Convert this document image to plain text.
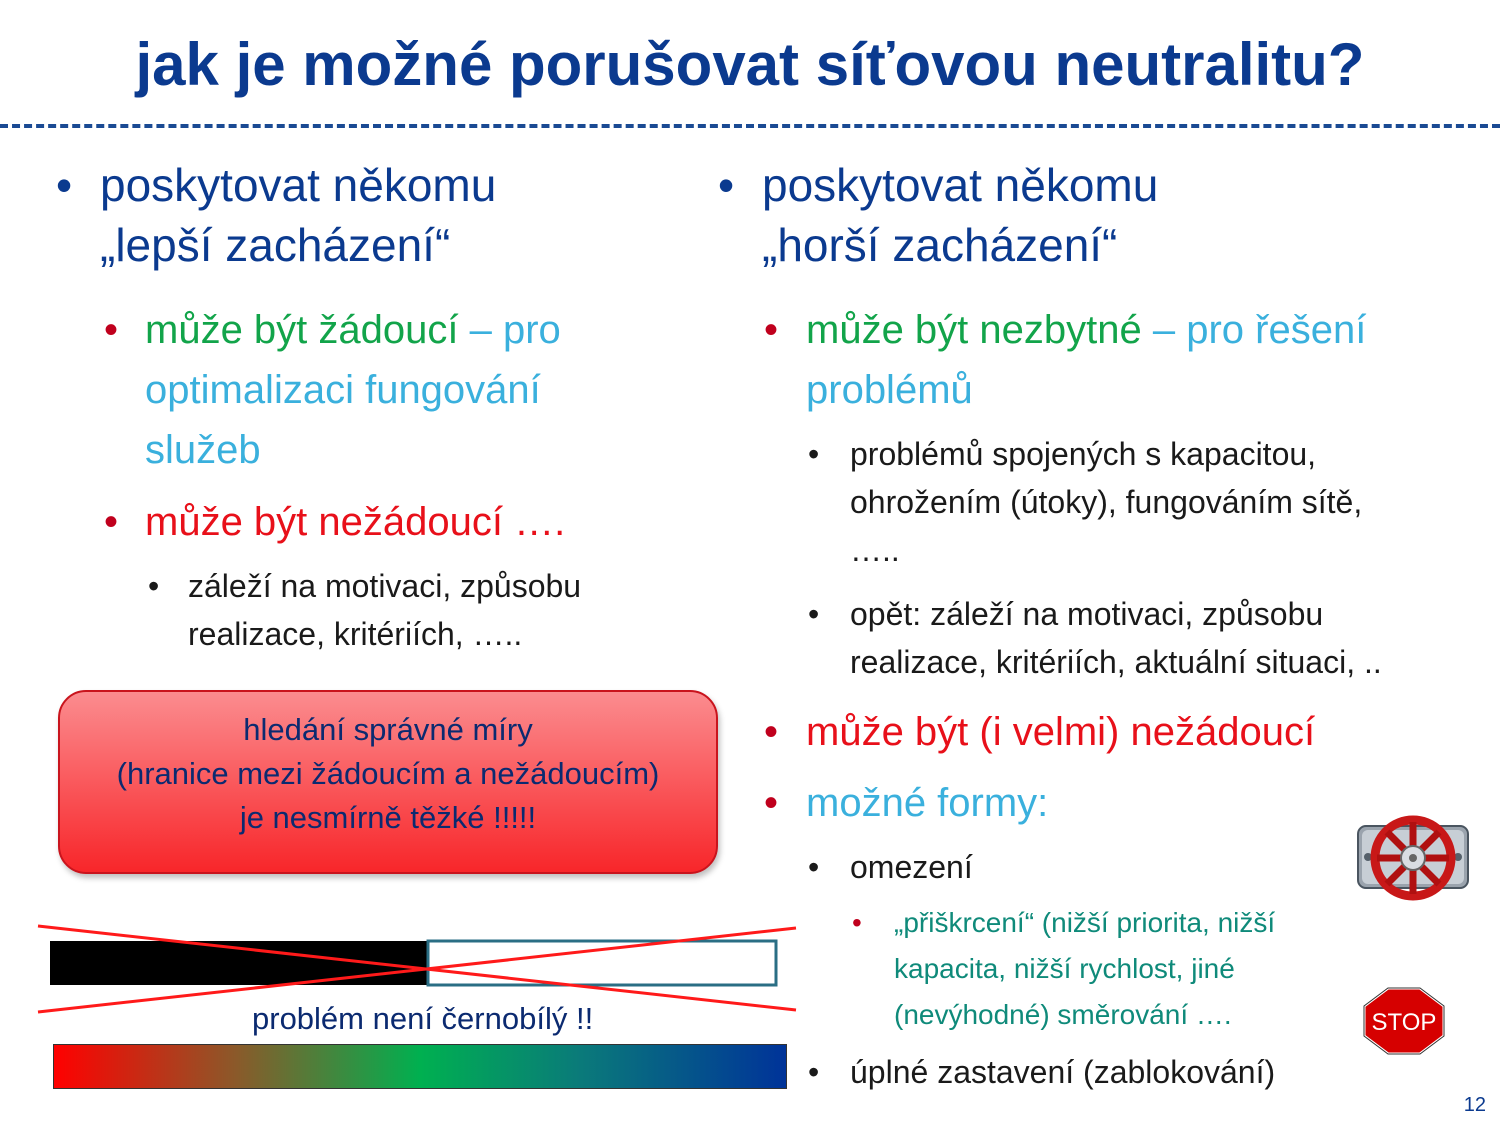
jak je možné porušovat síťovou neutralitu?
• poskytovat někomu
„lepší zacházení“
• může být žádoucí – pro
optimalizaci fungování
služeb
• může být nežádoucí ….
• záleží na motivaci, způsobu
realizace, kritériích, …..
hledání správné míry
(hranice mezi žádoucím a nežádoucím)
je nesmírně těžké !!!!!
problém není černobílý !!
• poskytovat někomu
„horší zacházení“
• může být nezbytné – pro řešení
problémů
• problémů spojených s kapacitou,
ohrožením (útoky), fungováním sítě,
…..
• opět: záleží na motivaci, způsobu
realizace, kritériích, aktuální situaci, ..
• může být (i velmi) nežádoucí
• možné formy:
• omezení
• „přiškrcení“ (nižší priorita, nižší
kapacita, nižší rychlost, jiné
(nevýhodné) směrování ….
• úplné zastavení (zablokování)
STOP
12
